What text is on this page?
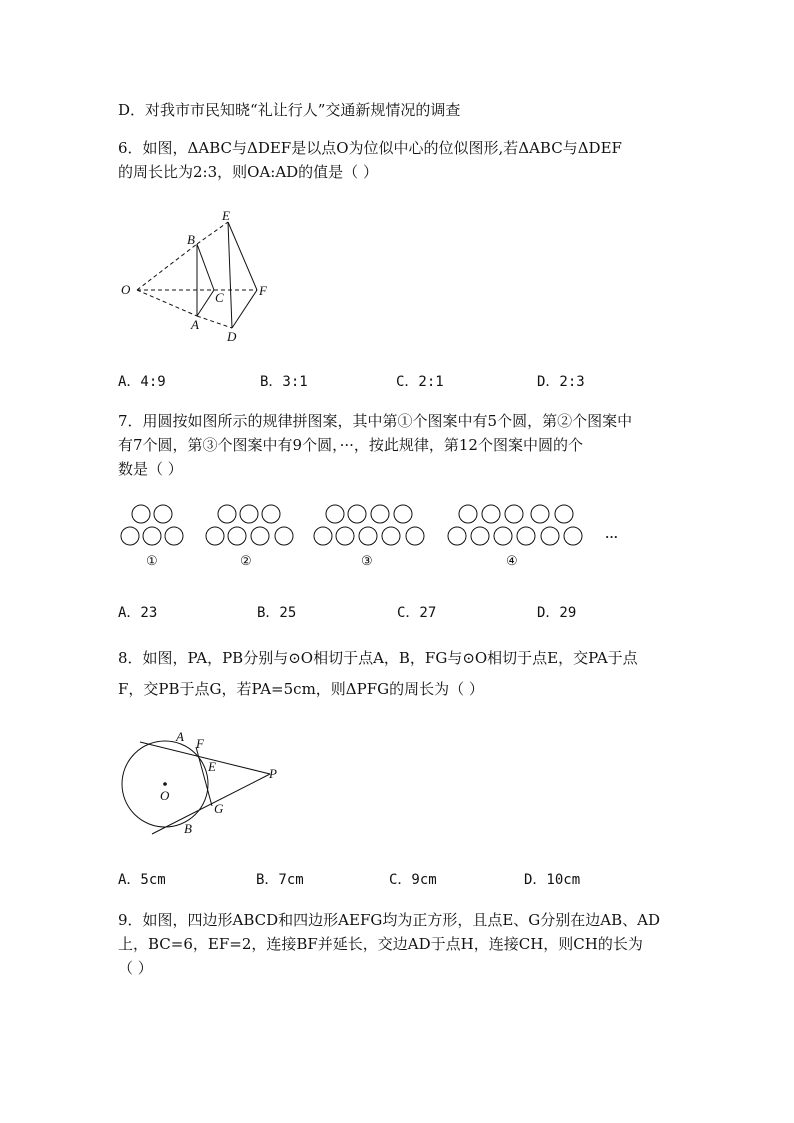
D．对我市市民知晓“礼让行人”交通新规情况的调查
6．如图，ΔABC与ΔDEF是以点O为位似中心的位似图形,若ΔABC与ΔDEF
的周长比为2:3，则OA:AD的值是（ ）
O
B
A
C
E
D
F
A．4:9	B．3:1	C．2:1	D．2:3
7．用圆按如图所示的规律拼图案，其中第①个图案中有5个圆，第②个图案中
有7个圆，第③个图案中有9个圆，···，按此规律，第12个图案中圆的个
数是（ ）
①	②	③	④
···
A．23	B．25	C．27	D．29
8．如图，PA，PB分别与⊙O相切于点A，B，FG与⊙O相切于点E，交PA于点
F，交PB于点G，若PA=5cm，则ΔPFG的周长为（ ）
A F
E	P
O
G
B
A．5cm	B．7cm	C．9cm	D．10cm
9．如图，四边形ABCD和四边形AEFG均为正方形，且点E、G分别在边AB、AD
上，BC=6，EF=2，连接BF并延长，交边AD于点H，连接CH，则CH的长为
（ ）
